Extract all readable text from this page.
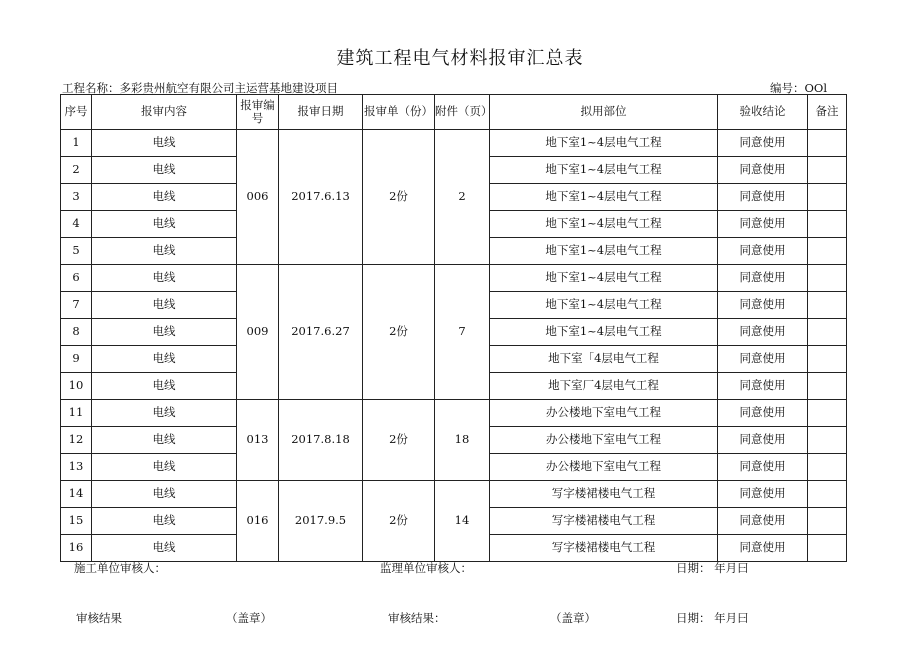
建筑工程电气材料报审汇总表
工程名称：多彩贵州航空有限公司主运营基地建设项目	编号：OOl
序号	报审内容	报审编号	报审日期	报审单（份）	附件（页）	拟用部位	验收结论	备注
1	电线	006	2017.6.13	2份	2	地下室1~4层电气工程	同意使用	
2	电线					地下室1~4层电气工程	同意使用	
3	电线					地下室1~4层电气工程	同意使用	
4	电线					地下室1~4层电气工程	同意使用	
5	电线					地下室1~4层电气工程	同意使用	
6	电线	009	2017.6.27	2份	7	地下室1~4层电气工程	同意使用	
7	电线					地下室1~4层电气工程	同意使用	
8	电线					地下室1~4层电气工程	同意使用	
9	电线					地下室「4层电气工程	同意使用	
10	电线					地下室厂4层电气工程	同意使用	
11	电线	013	2017.8.18	2份	18	办公楼地下室电气工程	同意使用	
12	电线					办公楼地下室电气工程	同意使用	
13	电线					办公楼地下室电气工程	同意使用	
14	电线	016	2017.9.5	2份	14	写字楼裙楼电气工程	同意使用	
15	电线					写字楼裙楼电气工程	同意使用	
16	电线					写字楼裙楼电气工程	同意使用	
施工单位审核人：	监理单位审核人：	日期： 年月曰
审核结果	（盖章）	审核结果：	（盖章）	日期： 年月曰
